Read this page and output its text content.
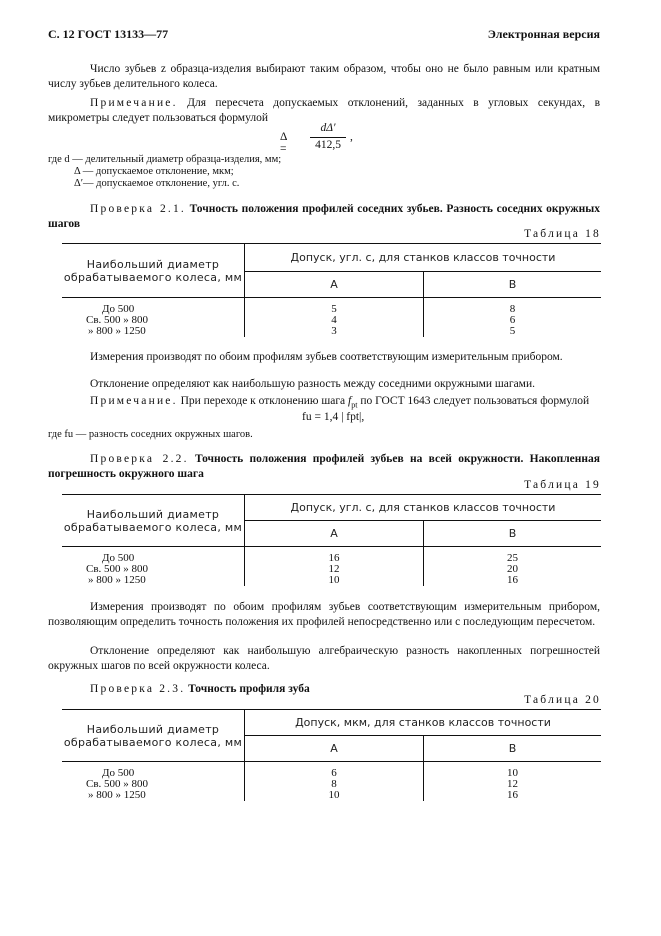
С. 12 ГОСТ 13133—77	Электронная версия
Число зубьев z образца-изделия выбирают таким образом, чтобы оно не было равным или кратным числу зубьев делительного колеса.
Примечание. Для пересчета допускаемых отклонений, заданных в угловых секундах, в микрометры следует пользоваться формулой
Δ =
dΔ′
412,5
,
где d — делительный диаметр образца-изделия, мм;
Δ — допускаемое отклонение, мкм;
Δ′— допускаемое отклонение, угл. с.
Проверка 2.1. Точность положения профилей соседних зубьев. Разность соседних окружных шагов
Таблица 18
Наибольший диаметр обрабатываемого колеса, мм	Допуск, угл. с, для станков классов точности	
	А	В

До 500	5	8
Св. 500 » 800	4	6
» 800 » 1250	3	5
Измерения производят по обоим профилям зубьев соответствующим измерительным прибором.
Отклонение определяют как наибольшую разность между соседними окружными шагами.
Примечание. При переходе к отклонению шага $f_{pt}$ по ГОСТ 1643 следует пользоваться формулой
fu = 1,4 | fpt|,
где fu — разность соседних окружных шагов.
Проверка 2.2. Точность положения профилей зубьев на всей окружности. Накопленная погрешность окружного шага
Таблица 19
Наибольший диаметр обрабатываемого колеса, мм	Допуск, угл. с, для станков классов точности	
	А	В

До 500	16	25
Св. 500 » 800	12	20
» 800 » 1250	10	16
Измерения производят по обоим профилям зубьев соответствующим измерительным прибором, позволяющим определить точность положения их профилей непосредственно или с последующим пересчетом.
Отклонение определяют как наибольшую алгебраическую разность накопленных погрешностей окружных шагов по всей окружности колеса.
Проверка 2.3. Точность профиля зуба
Таблица 20
Наибольший диаметр обрабатываемого колеса, мм	Допуск, мкм, для станков классов точности	
	А	В

До 500	6	10
Св. 500 » 800	8	12
» 800 » 1250	10	16
